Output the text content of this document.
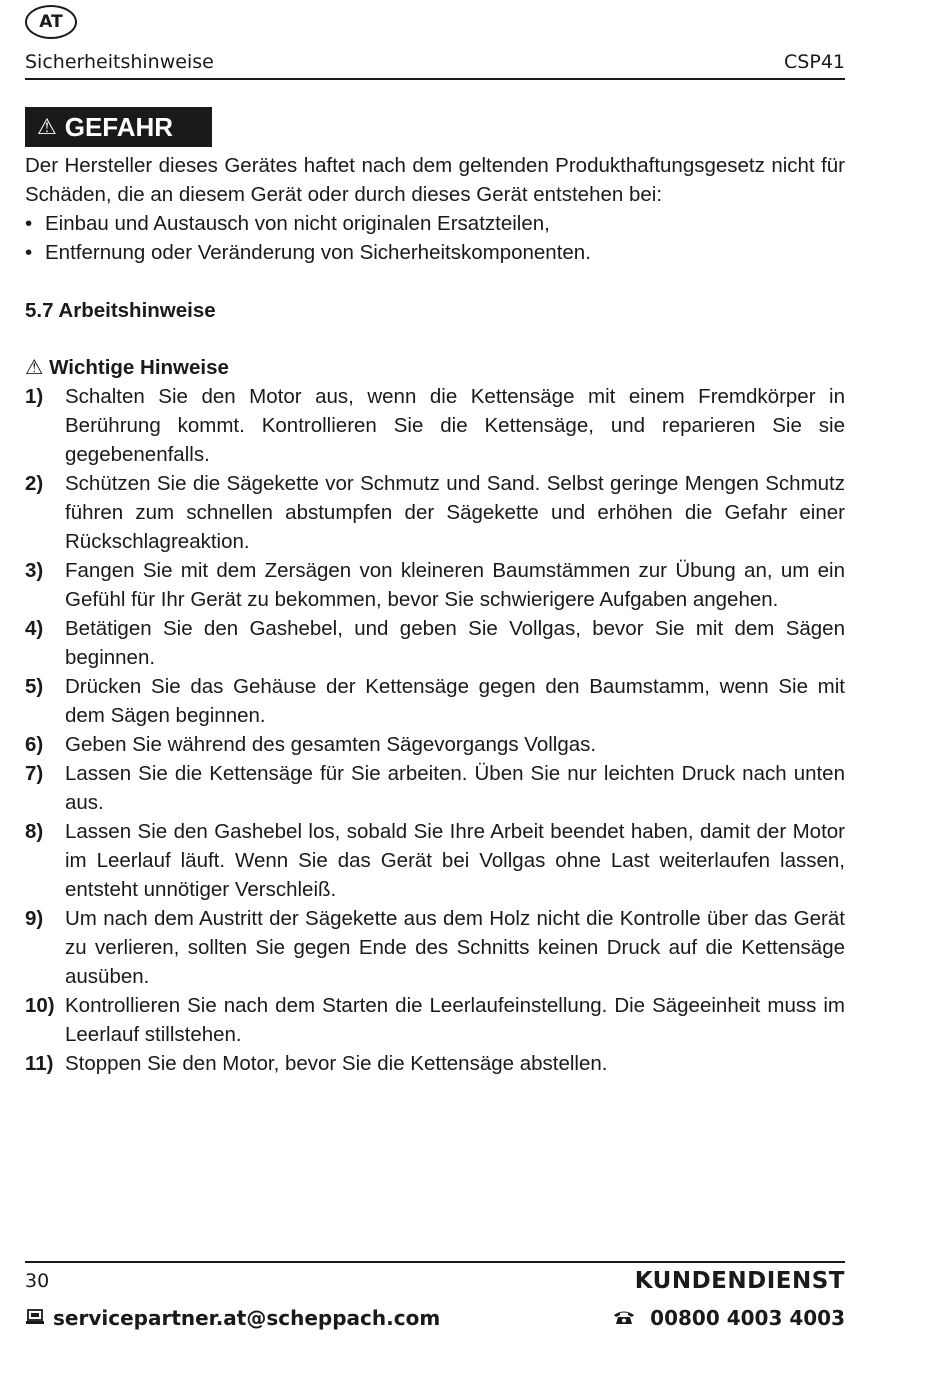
AT
Sicherheitshinweise	CSP41
⚠ GEFAHR
Der Hersteller dieses Gerätes haftet nach dem geltenden Produkthaftungsgesetz nicht für Schäden, die an diesem Gerät oder durch dieses Gerät entstehen bei:
• Einbau und Austausch von nicht originalen Ersatzteilen,
• Entfernung oder Veränderung von Sicherheitskomponenten.
5.7 Arbeitshinweise
⚠ Wichtige Hinweise
1)	Schalten Sie den Motor aus, wenn die Kettensäge mit einem Fremdkörper in Berührung kommt. Kontrollieren Sie die Kettensäge, und reparieren Sie sie gegebenenfalls.
2)	Schützen Sie die Sägekette vor Schmutz und Sand. Selbst geringe Mengen Schmutz führen zum schnellen abstumpfen der Sägekette und erhöhen die Gefahr einer Rückschlagreaktion.
3)	Fangen Sie mit dem Zersägen von kleineren Baumstämmen zur Übung an, um ein Gefühl für Ihr Gerät zu bekommen, bevor Sie schwierigere Aufgaben angehen.
4)	Betätigen Sie den Gashebel, und geben Sie Vollgas, bevor Sie mit dem Sägen beginnen.
5)	Drücken Sie das Gehäuse der Kettensäge gegen den Baumstamm, wenn Sie mit dem Sägen beginnen.
6)	Geben Sie während des gesamten Sägevorgangs Vollgas.
7)	Lassen Sie die Kettensäge für Sie arbeiten. Üben Sie nur leichten Druck nach unten aus.
8)	Lassen Sie den Gashebel los, sobald Sie Ihre Arbeit beendet haben, damit der Motor im Leerlauf läuft. Wenn Sie das Gerät bei Vollgas ohne Last weiterlaufen lassen, entsteht unnötiger Verschleiß.
9)	Um nach dem Austritt der Sägekette aus dem Holz nicht die Kontrolle über das Gerät zu verlieren, sollten Sie gegen Ende des Schnitts keinen Druck auf die Kettensäge ausüben.
10) Kontrollieren Sie nach dem Starten die Leerlaufeinstellung. Die Sägeeinheit muss im Leerlauf stillstehen.
11) Stoppen Sie den Motor, bevor Sie die Kettensäge abstellen.
30	KUNDENDIENST
servicepartner.at@scheppach.com	00800 4003 4003
